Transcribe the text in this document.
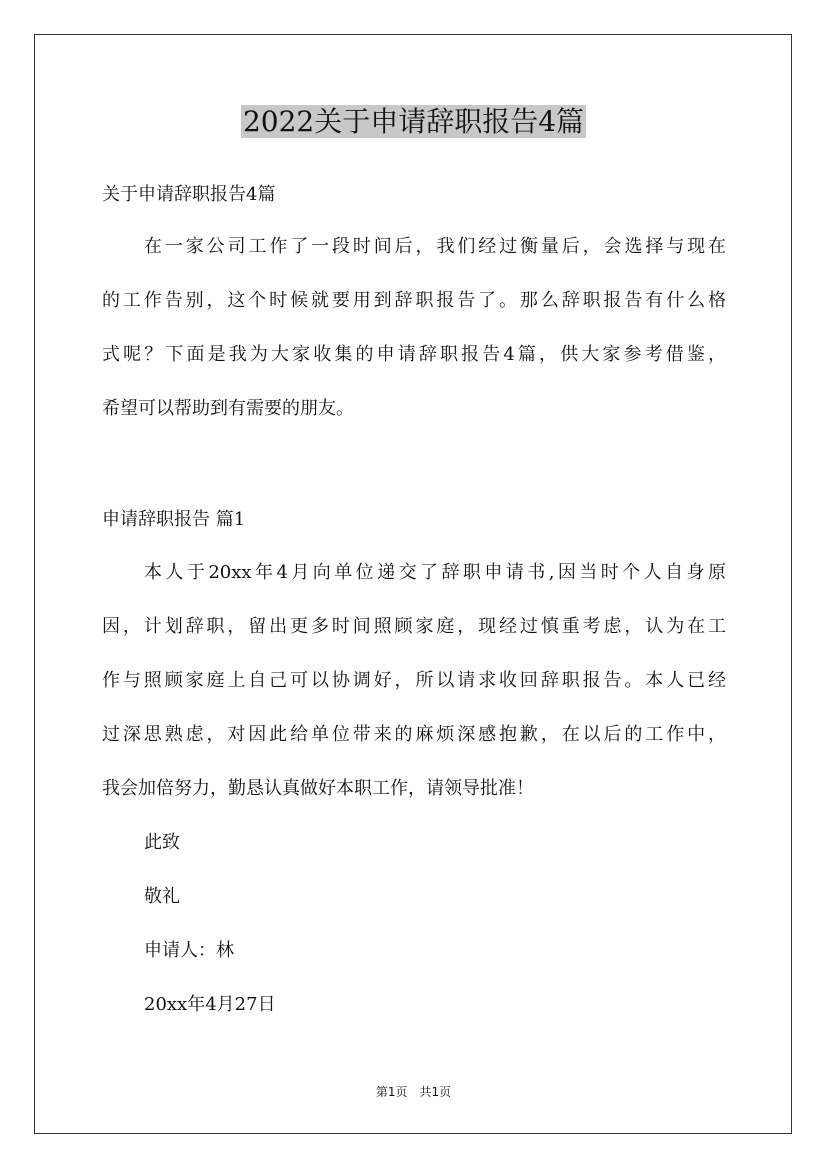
2022关于申请辞职报告4篇

关于申请辞职报告4篇

在一家公司工作了一段时间后，我们经过衡量后，会选择与现在

的工作告别，这个时候就要用到辞职报告了。那么辞职报告有什么格

式呢？下面是我为大家收集的申请辞职报告4篇，供大家参考借鉴，

希望可以帮助到有需要的朋友。

申请辞职报告 篇1

本人于20xx年4月向单位递交了辞职申请书,因当时个人自身原

因，计划辞职，留出更多时间照顾家庭，现经过慎重考虑，认为在工

作与照顾家庭上自己可以协调好，所以请求收回辞职报告。本人已经

过深思熟虑，对因此给单位带来的麻烦深感抱歉，在以后的工作中，

我会加倍努力，勤恳认真做好本职工作，请领导批准！

此致

敬礼

申请人：林

20xx年4月27日

第1页　共1页
